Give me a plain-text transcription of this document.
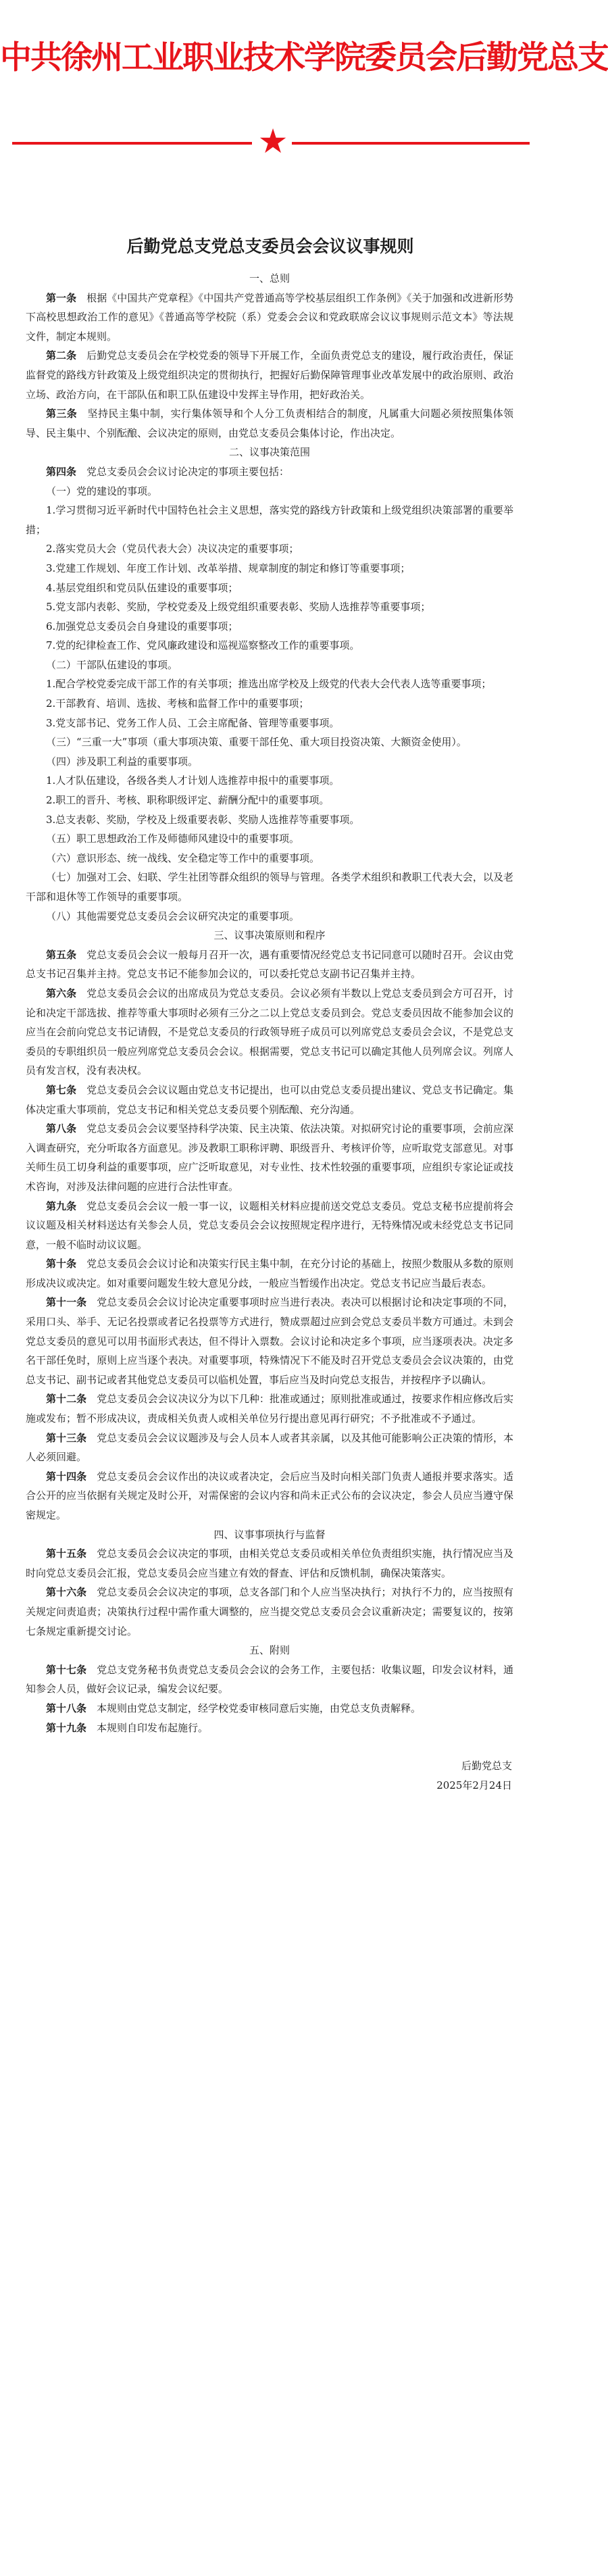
中共徐州工业职业技术学院委员会后勤党总支
★
后勤党总支党总支委员会会议议事规则

一、总则

第一条　根据《中国共产党章程》《中国共产党普通高等学校基层组织工作条例》《关于加强和改进新形势下高校思想政治工作的意见》《普通高等学校院（系）党委会会议和党政联席会议议事规则示范文本》等法规文件，制定本规则。

第二条　后勤党总支委员会在学校党委的领导下开展工作，全面负责党总支的建设，履行政治责任，保证监督党的路线方针政策及上级党组织决定的贯彻执行，把握好后勤保障管理事业改革发展中的政治原则、政治立场、政治方向，在干部队伍和职工队伍建设中发挥主导作用，把好政治关。

第三条　坚持民主集中制，实行集体领导和个人分工负责相结合的制度，凡属重大问题必须按照集体领导、民主集中、个别酝酿、会议决定的原则，由党总支委员会集体讨论，作出决定。

二、议事决策范围

第四条　党总支委员会会议讨论决定的事项主要包括：

（一）党的建设的事项。

1.学习贯彻习近平新时代中国特色社会主义思想，落实党的路线方针政策和上级党组织决策部署的重要举措；

2.落实党员大会（党员代表大会）决议决定的重要事项；

3.党建工作规划、年度工作计划、改革举措、规章制度的制定和修订等重要事项；

4.基层党组织和党员队伍建设的重要事项；

5.党支部内表彰、奖励，学校党委及上级党组织重要表彰、奖励人选推荐等重要事项；

6.加强党总支委员会自身建设的重要事项；

7.党的纪律检查工作、党风廉政建设和巡视巡察整改工作的重要事项。

（二）干部队伍建设的事项。

1.配合学校党委完成干部工作的有关事项；推选出席学校及上级党的代表大会代表人选等重要事项；

2.干部教育、培训、选拔、考核和监督工作中的重要事项；

3.党支部书记、党务工作人员、工会主席配备、管理等重要事项。

（三）“三重一大”事项（重大事项决策、重要干部任免、重大项目投资决策、大额资金使用）。

（四）涉及职工利益的重要事项。

1.人才队伍建设，各级各类人才计划人选推荐申报中的重要事项。

2.职工的晋升、考核、职称职级评定、薪酬分配中的重要事项。

3.总支表彰、奖励，学校及上级重要表彰、奖励人选推荐等重要事项。

（五）职工思想政治工作及师德师风建设中的重要事项。

（六）意识形态、统一战线、安全稳定等工作中的重要事项。

（七）加强对工会、妇联、学生社团等群众组织的领导与管理。各类学术组织和教职工代表大会，以及老干部和退休等工作领导的重要事项。

（八）其他需要党总支委员会会议研究决定的重要事项。

三、议事决策原则和程序

第五条　党总支委员会会议一般每月召开一次，遇有重要情况经党总支书记同意可以随时召开。会议由党总支书记召集并主持。党总支书记不能参加会议的，可以委托党总支副书记召集并主持。

第六条　党总支委员会会议的出席成员为党总支委员。会议必须有半数以上党总支委员到会方可召开，讨论和决定干部选拔、推荐等重大事项时必须有三分之二以上党总支委员到会。党总支委员因故不能参加会议的应当在会前向党总支书记请假，不是党总支委员的行政领导班子成员可以列席党总支委员会会议，不是党总支委员的专职组织员一般应列席党总支委员会会议。根据需要，党总支书记可以确定其他人员列席会议。列席人员有发言权，没有表决权。

第七条　党总支委员会会议议题由党总支书记提出，也可以由党总支委员提出建议、党总支书记确定。集体决定重大事项前，党总支书记和相关党总支委员要个别酝酿、充分沟通。

第八条　党总支委员会会议要坚持科学决策、民主决策、依法决策。对拟研究讨论的重要事项，会前应深入调查研究，充分听取各方面意见。涉及教职工职称评聘、职级晋升、考核评价等，应听取党支部意见。对事关师生员工切身利益的重要事项，应广泛听取意见，对专业性、技术性较强的重要事项，应组织专家论证或技术咨询，对涉及法律问题的应进行合法性审查。

第九条　党总支委员会会议一般一事一议，议题相关材料应提前送交党总支委员。党总支秘书应提前将会议议题及相关材料送达有关参会人员，党总支委员会会议按照规定程序进行，无特殊情况或未经党总支书记同意，一般不临时动议议题。

第十条　党总支委员会会议讨论和决策实行民主集中制，在充分讨论的基础上，按照少数服从多数的原则形成决议或决定。如对重要问题发生较大意见分歧，一般应当暂缓作出决定。党总支书记应当最后表态。

第十一条　党总支委员会会议讨论决定重要事项时应当进行表决。表决可以根据讨论和决定事项的不同，采用口头、举手、无记名投票或者记名投票等方式进行，赞成票超过应到会党总支委员半数方可通过。未到会党总支委员的意见可以用书面形式表达，但不得计入票数。会议讨论和决定多个事项，应当逐项表决。决定多名干部任免时，原则上应当逐个表决。对重要事项，特殊情况下不能及时召开党总支委员会会议决策的，由党总支书记、副书记或者其他党总支委员可以临机处置，事后应当及时向党总支报告，并按程序予以确认。

第十二条　党总支委员会会议决议分为以下几种：批准或通过；原则批准或通过，按要求作相应修改后实施或发布；暂不形成决议，责成相关负责人或相关单位另行提出意见再行研究；不予批准或不予通过。

第十三条　党总支委员会会议议题涉及与会人员本人或者其亲属，以及其他可能影响公正决策的情形，本人必须回避。

第十四条　党总支委员会会议作出的决议或者决定，会后应当及时向相关部门负责人通报并要求落实。适合公开的应当依据有关规定及时公开，对需保密的会议内容和尚未正式公布的会议决定，参会人员应当遵守保密规定。

四、议事事项执行与监督

第十五条　党总支委员会会议决定的事项，由相关党总支委员或相关单位负责组织实施，执行情况应当及时向党总支委员会汇报，党总支委员会应当建立有效的督查、评估和反馈机制，确保决策落实。

第十六条　党总支委员会会议决定的事项，总支各部门和个人应当坚决执行；对执行不力的，应当按照有关规定问责追责；决策执行过程中需作重大调整的，应当提交党总支委员会会议重新决定；需要复议的，按第七条规定重新提交讨论。

五、附则

第十七条　党总支党务秘书负责党总支委员会会议的会务工作，主要包括：收集议题，印发会议材料，通知参会人员，做好会议记录，编发会议纪要。

第十八条　本规则由党总支制定，经学校党委审核同意后实施，由党总支负责解释。

第十九条　本规则自印发布起施行。

后勤党总支

2025年2月24日
